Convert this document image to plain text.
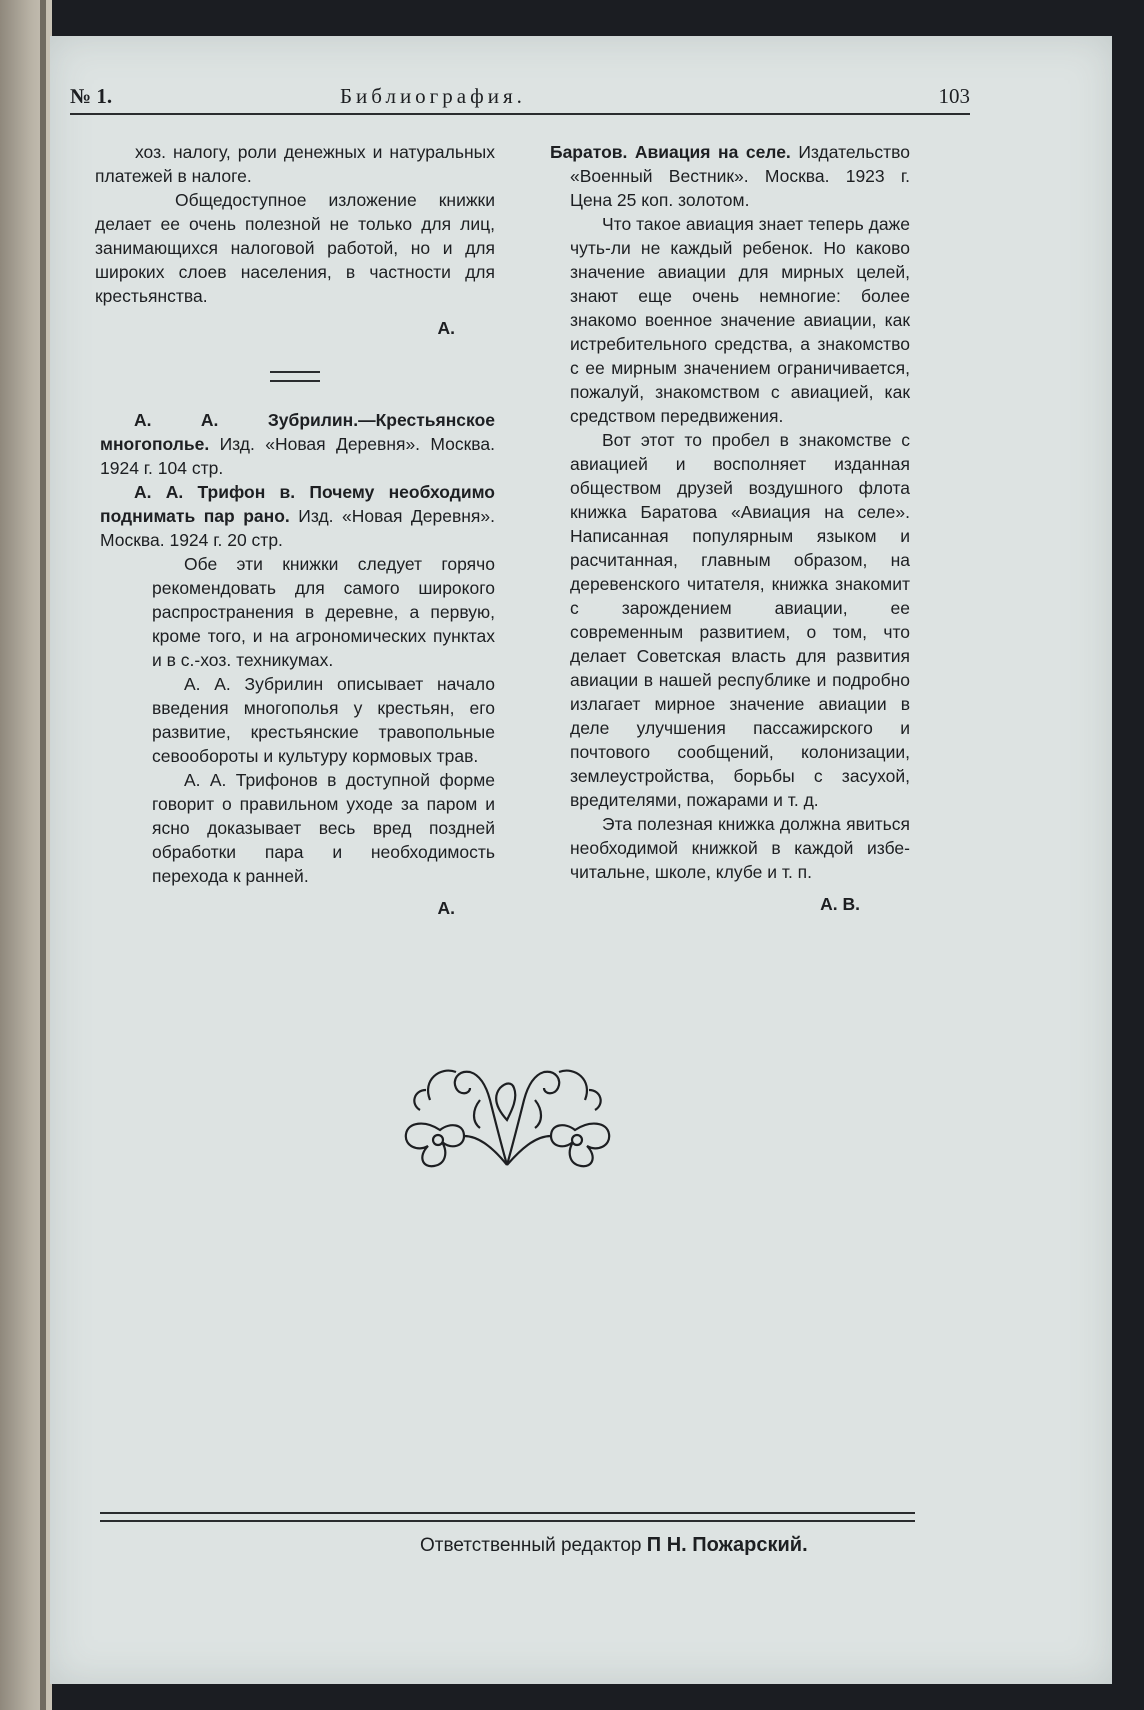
№ 1.	Библиография.	103

хоз. налогу, роли денежных и натуральных платежей в налоге.

Общедоступное изложение книжки делает ее очень полезной не только для лиц, занимающихся налоговой работой, но и для широких слоев населения, в частности для крестьянства.

А.

А. А. Зубрилин.—Крестьянское многополье. Изд. «Новая Деревня». Москва. 1924 г. 104 стр.

А. А. Трифон в. Почему необходимо поднимать пар рано. Изд. «Новая Деревня». Москва. 1924 г. 20 стр.

Обе эти книжки следует горячо рекомендовать для самого широкого распространения в деревне, а первую, кроме того, и на агрономических пунктах и в с.-хоз. техникумах.

А. А. Зубрилин описывает начало введения многополья у крестьян, его развитие, крестьянские травопольные севообороты и культуру кормовых трав.

А. А. Трифонов в доступной форме говорит о правильном уходе за паром и ясно доказывает весь вред поздней обработки пара и необходимость перехода к ранней.

А.

Баратов. Авиация на селе. Издательство «Военный Вестник». Москва. 1923 г. Цена 25 коп. золотом.

Что такое авиация знает теперь даже чуть-ли не каждый ребенок. Но каково значение авиации для мирных целей, знают еще очень немногие: более знакомо военное значение авиации, как истребительного средства, а знакомство с ее мирным значением ограничивается, пожалуй, знакомством с авиацией, как средством передвижения.

Вот этот то пробел в знакомстве с авиацией и восполняет изданная обществом друзей воздушного флота книжка Баратова «Авиация на селе». Написанная популярным языком и расчитанная, главным образом, на деревенского читателя, книжка знакомит с зарождением авиации, ее современным развитием, о том, что делает Советская власть для развития авиации в нашей республике и подробно излагает мирное значение авиации в деле улучшения пассажирского и почтового сообщений, колонизации, землеустройства, борьбы с засухой, вредителями, пожарами и т. д.

Эта полезная книжка должна явиться необходимой книжкой в каждой избе-читальне, школе, клубе и т. п.

А. В.

Ответственный редактор П Н. Пожарский.
